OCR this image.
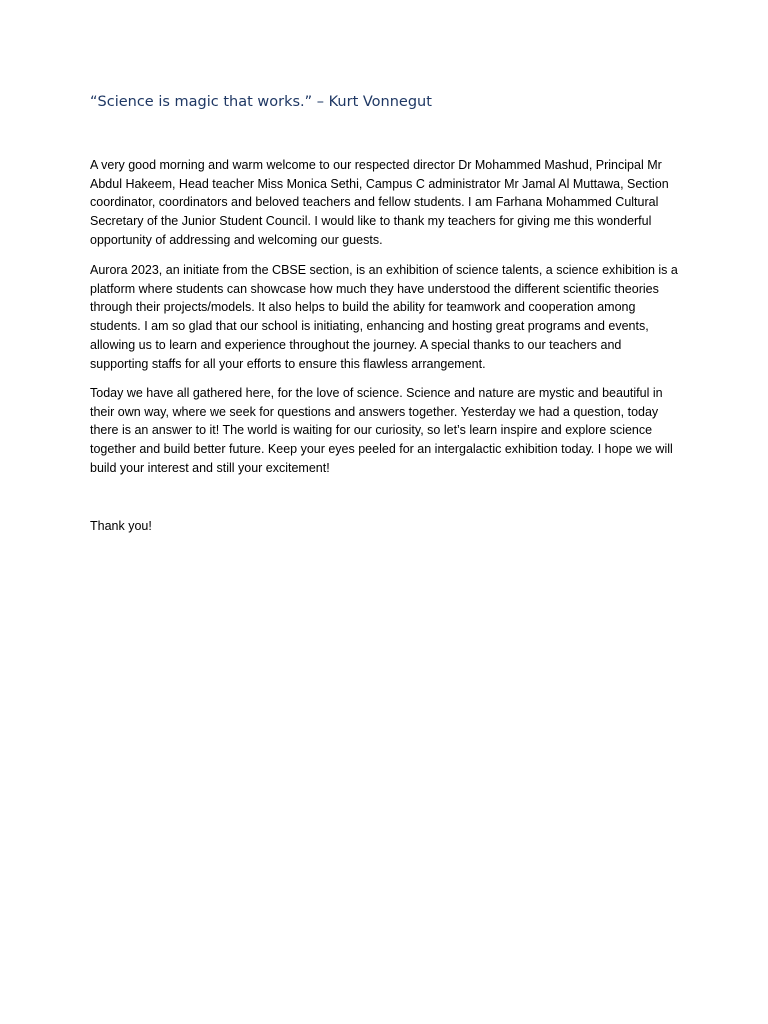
“Science is magic that works.” – Kurt Vonnegut

A very good morning and warm welcome to our respected director Dr Mohammed Mashud, Principal Mr Abdul Hakeem, Head teacher Miss Monica Sethi, Campus C administrator Mr Jamal Al Muttawa, Section coordinator, coordinators and beloved teachers and fellow students. I am Farhana Mohammed Cultural Secretary of the Junior Student Council. I would like to thank my teachers for giving me this wonderful opportunity of addressing and welcoming our guests.

Aurora 2023, an initiate from the CBSE section, is an exhibition of science talents, a science exhibition is a platform where students can showcase how much they have understood the different scientific theories through their projects/models. It also helps to build the ability for teamwork and cooperation among students. I am so glad that our school is initiating, enhancing and hosting great programs and events, allowing us to learn and experience throughout the journey. A special thanks to our teachers and supporting staffs for all your efforts to ensure this flawless arrangement.

Today we have all gathered here, for the love of science. Science and nature are mystic and beautiful in their own way, where we seek for questions and answers together. Yesterday we had a question, today there is an answer to it! The world is waiting for our curiosity, so let’s learn inspire and explore science together and build better future. Keep your eyes peeled for an intergalactic exhibition today. I hope we will build your interest and still your excitement!

Thank you!
